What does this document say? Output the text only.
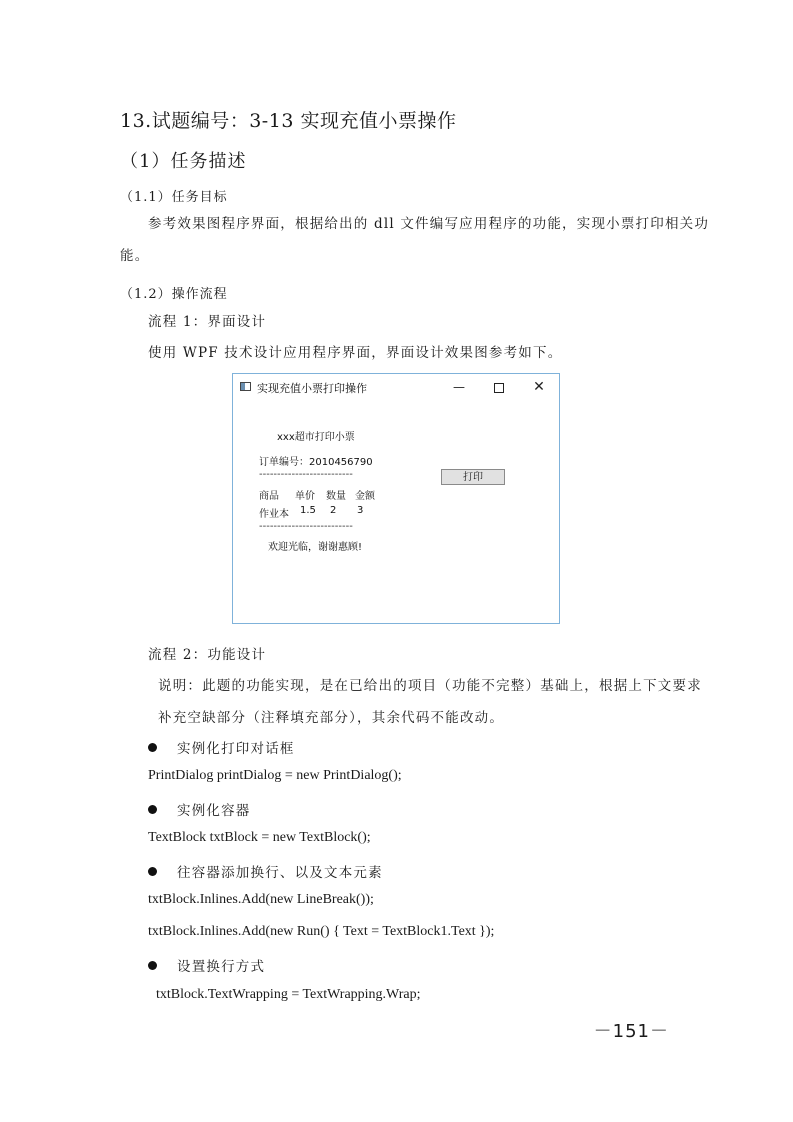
13.试题编号：3-13 实现充值小票操作
（1）任务描述
（1.1）任务目标
参考效果图程序界面，根据给出的 dll 文件编写应用程序的功能，实现小票打印相关功
能。
（1.2）操作流程
流程 1：界面设计
使用 WPF 技术设计应用程序界面，界面设计效果图参考如下。
实现充值小票打印操作	—	✕
xxx超市打印小票
订单编号：2010456790
--------------------------
商品 单价 数量 金额
作业本 1.5 2 3
--------------------------
欢迎光临，谢谢惠顾!
打印
流程 2：功能设计
说明：此题的功能实现，是在已给出的项目（功能不完整）基础上，根据上下文要求
补充空缺部分（注释填充部分），其余代码不能改动。
实例化打印对话框
PrintDialog printDialog = new PrintDialog();
实例化容器
TextBlock txtBlock = new TextBlock();
往容器添加换行、以及文本元素
txtBlock.Inlines.Add(new LineBreak());
txtBlock.Inlines.Add(new Run() { Text = TextBlock1.Text });
设置换行方式
txtBlock.TextWrapping = TextWrapping.Wrap;
－151－
